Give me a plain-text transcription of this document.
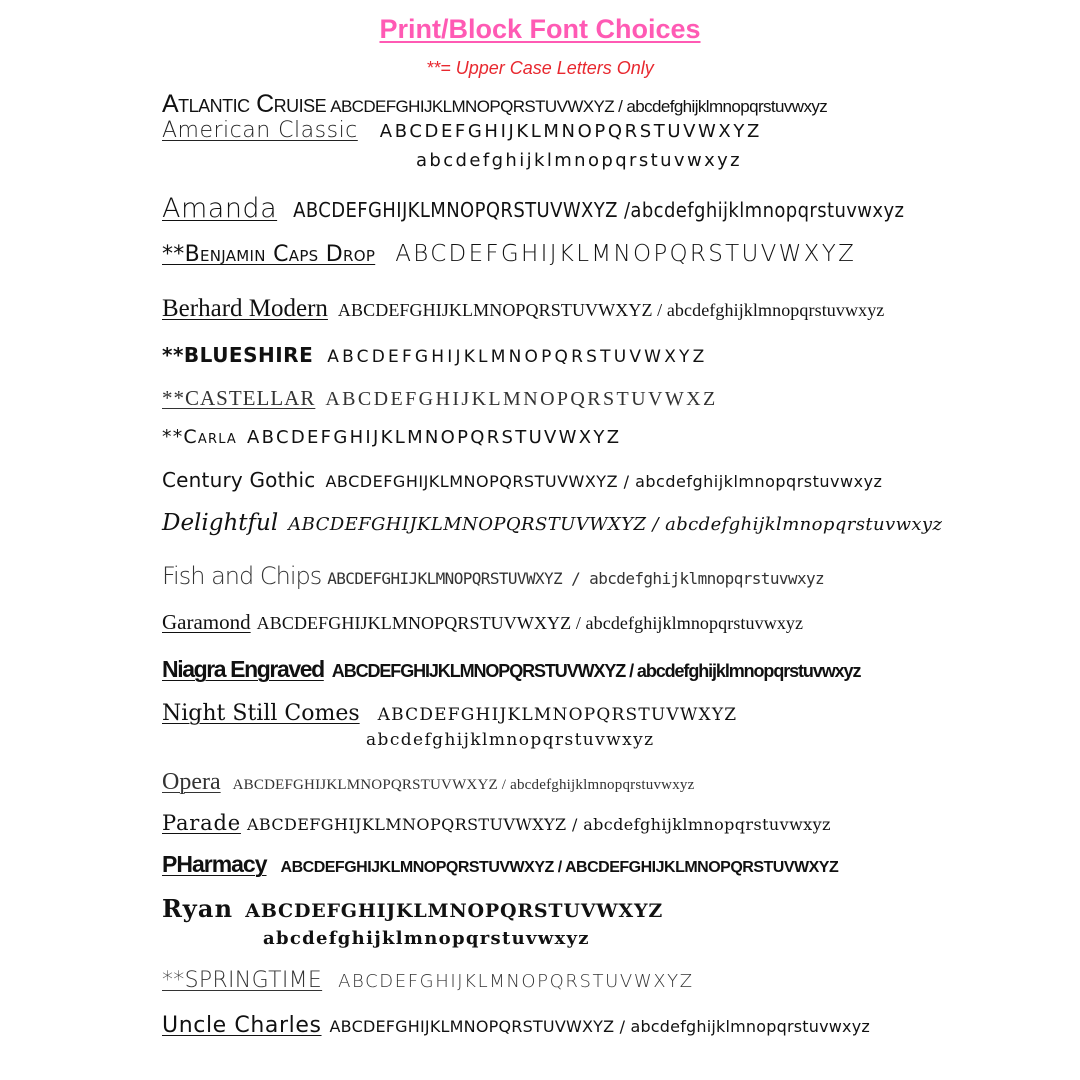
Print/Block Font Choices
**= Upper Case Letters Only
Atlantic Cruise ABCDEFGHIJKLMNOPQRSTUVWXYZ / abcdefghijklmnopqrstuvwxyz
American Classic ABCDEFGHIJKLMNOPQRSTUVWXYZ
abcdefghijklmnopqrstuvwxyz
Amanda ABCDEFGHIJKLMNOPQRSTUVWXYZ /abcdefghijklmnopqrstuvwxyz
**Benjamin Caps Drop ABCDEFGHIJKLMNOPQRSTUVWXYZ
Berhard Modern ABCDEFGHIJKLMNOPQRSTUVWXYZ / abcdefghijklmnopqrstuvwxyz
**BLUESHIRE ABCDEFGHIJKLMNOPQRSTUVWXYZ
**CASTELLAR ABCDEFGHIJKLMNOPQRSTUVWXZ
**Carla ABCDEFGHIJKLMNOPQRSTUVWXYZ
Century Gothic ABCDEFGHIJKLMNOPQRSTUVWXYZ / abcdefghijklmnopqrstuvwxyz
Delightful ABCDEFGHIJKLMNOPQRSTUVWXYZ / abcdefghijklmnopqrstuvwxyz
Fish and Chips ABCDEFGHIJKLMNOPQRSTUVWXYZ / abcdefghijklmnopqrstuvwxyz
Garamond ABCDEFGHIJKLMNOPQRSTUVWXYZ / abcdefghijklmnopqrstuvwxyz
Niagra Engraved ABCDEFGHIJKLMNOPQRSTUVWXYZ / abcdefghijklmnopqrstuvwxyz
Night Still Comes ABCDEFGHIJKLMNOPQRSTUVWXYZ
abcdefghijklmnopqrstuvwxyz
Opera ABCDEFGHIJKLMNOPQRSTUVWXYZ / abcdefghijklmnopqrstuvwxyz
Parade ABCDEFGHIJKLMNOPQRSTUVWXYZ / abcdefghijklmnopqrstuvwxyz
PHarmacy ABCDEFGHIJKLMNOPQRSTUVWXYZ / ABCDEFGHIJKLMNOPQRSTUVWXYZ
Ryan ABCDEFGHIJKLMNOPQRSTUVWXYZ
abcdefghijklmnopqrstuvwxyz
**SPRINGTIME ABCDEFGHIJKLMNOPQRSTUVWXYZ
Uncle Charles ABCDEFGHIJKLMNOPQRSTUVWXYZ / abcdefghijklmnopqrstuvwxyz
